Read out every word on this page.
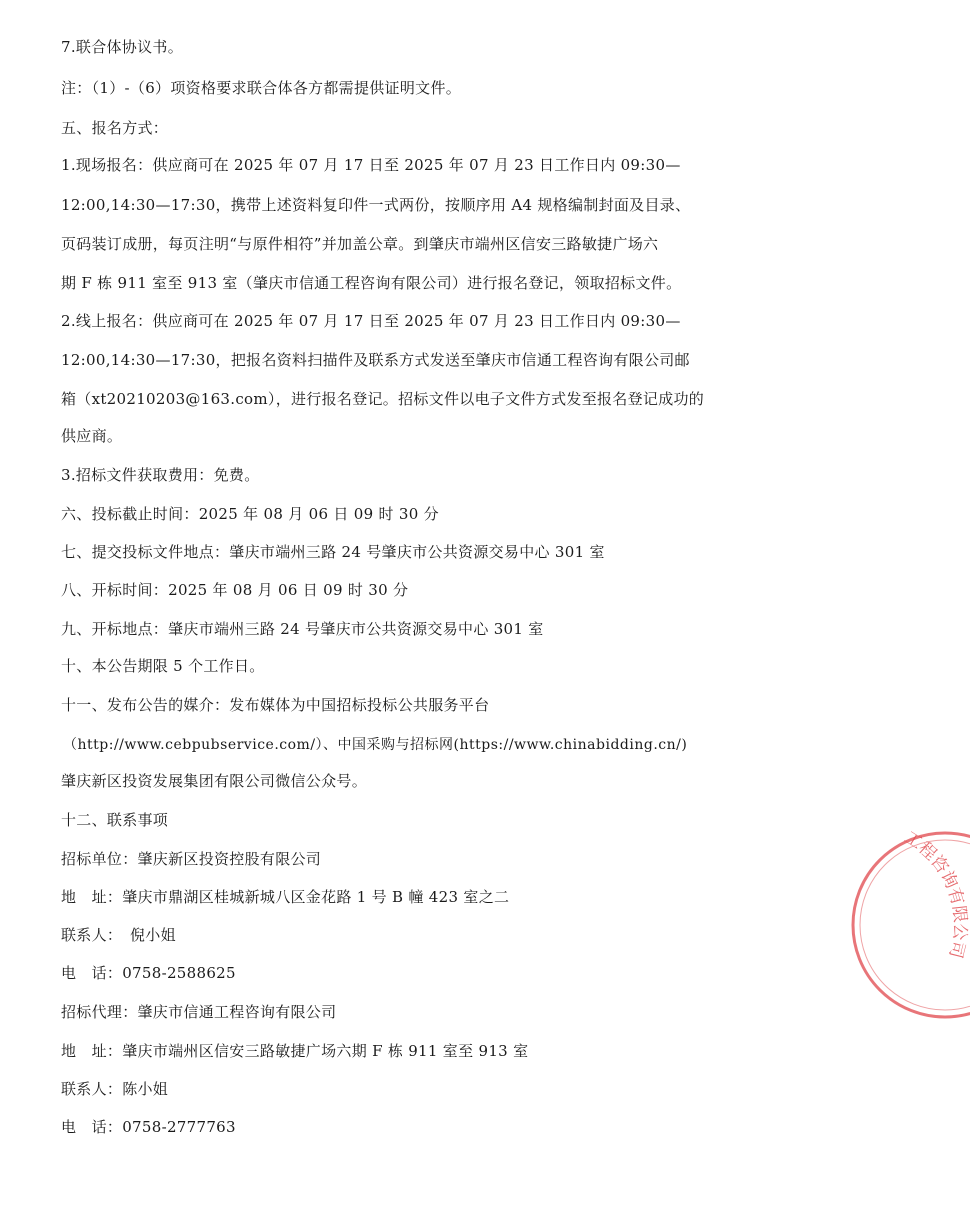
7.联合体协议书。
注：（1）-（6）项资格要求联合体各方都需提供证明文件。
五、报名方式：
1.现场报名：供应商可在 2025 年 07 月 17 日至 2025 年 07 月 23 日工作日内 09:30—
12:00,14:30—17:30，携带上述资料复印件一式两份，按顺序用 A4 规格编制封面及目录、
页码装订成册，每页注明“与原件相符”并加盖公章。到肇庆市端州区信安三路敏捷广场六
期 F 栋 911 室至 913 室（肇庆市信通工程咨询有限公司）进行报名登记，领取招标文件。
2.线上报名：供应商可在 2025 年 07 月 17 日至 2025 年 07 月 23 日工作日内 09:30—
12:00,14:30—17:30，把报名资料扫描件及联系方式发送至肇庆市信通工程咨询有限公司邮
箱（xt20210203@163.com），进行报名登记。招标文件以电子文件方式发至报名登记成功的
供应商。
3.招标文件获取费用：免费。
六、投标截止时间：2025 年 08 月 06 日 09 时 30 分
七、提交投标文件地点：肇庆市端州三路 24 号肇庆市公共资源交易中心 301 室
八、开标时间：2025 年 08 月 06 日 09 时 30 分
九、开标地点：肇庆市端州三路 24 号肇庆市公共资源交易中心 301 室
十、本公告期限 5 个工作日。
十一、发布公告的媒介：发布媒体为中国招标投标公共服务平台
（http://www.cebpubservice.com/）、中国采购与招标网(https://www.chinabidding.cn/)
肇庆新区投资发展集团有限公司微信公众号。
十二、联系事项
招标单位：肇庆新区投资控股有限公司
地　址：肇庆市鼎湖区桂城新城八区金花路 1 号 B 幢 423 室之二
联系人：　倪小姐
电　话：0758-2588625
招标代理：肇庆市信通工程咨询有限公司
地　址：肇庆市端州区信安三路敏捷广场六期 F 栋 911 室至 913 室
联系人：陈小姐
电　话：0758-2777763
工程咨询有限公司
